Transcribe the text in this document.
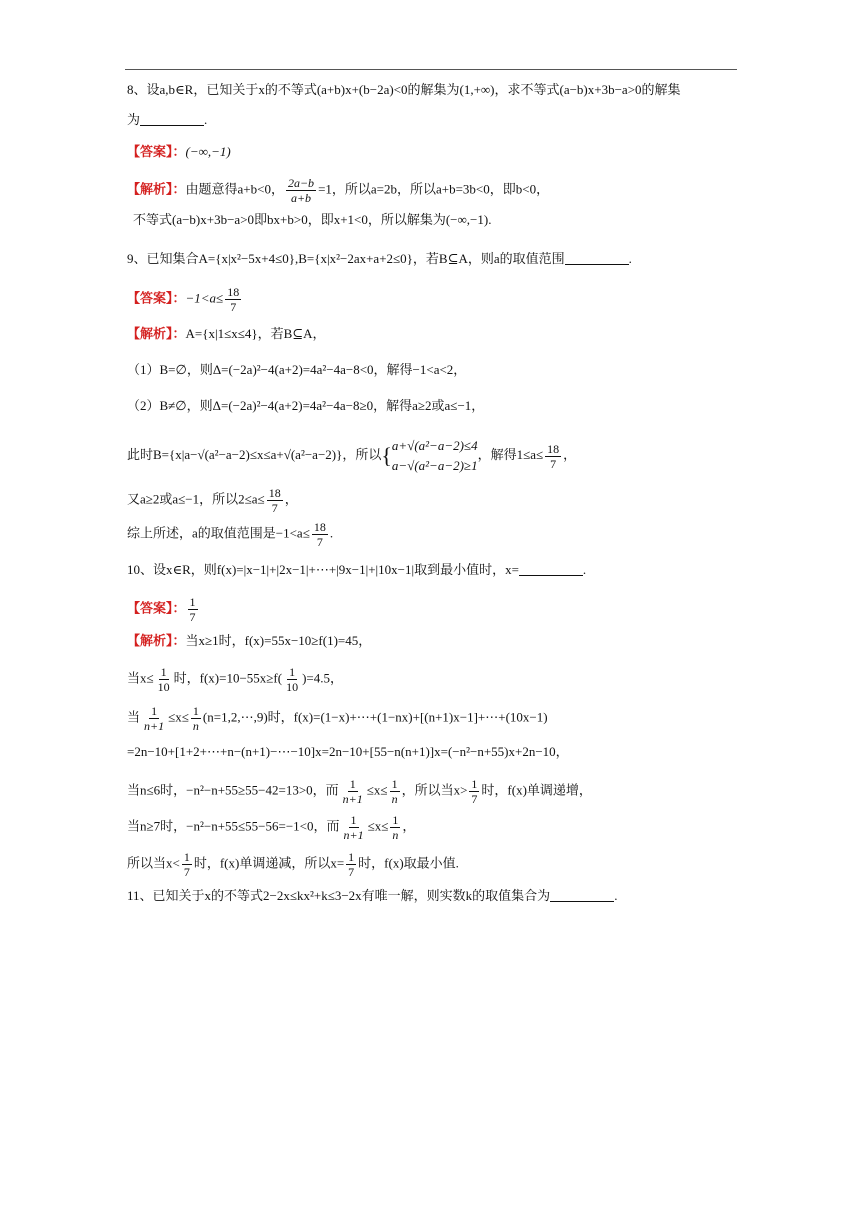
8、设a,b∈R，已知关于x的不等式(a+b)x+(b−2a)<0的解集为(1,+∞)，求不等式(a−b)x+3b−a>0的解集
为	.
【答案】：(−∞,−1)
【解析】：由题意得a+b<0， $\frac{2a-b}{a+b} =1$，所以a=2b，所以a+b=3b<0，即b<0，
不等式(a−b)x+3b−a>0即bx+b>0，即x+1<0，所以解集为(−∞,−1).
9、已知集合A={x|x²−5x+4≤0},B={x|x²−2ax+a+2≤0}，若B⊆A，则a的取值范围	.
【答案】：$-1<a\le \frac{18}{7}$
【解析】：A={x|1≤x≤4}，若B⊆A，
（1）B=∅，则Δ=(−2a)²−4(a+2)=4a²−4a−8<0，解得−1<a<2，
（2）B≠∅，则Δ=(−2a)²−4(a+2)=4a²−4a−8≥0，解得a≥2或a≤−1，
此时B={x|a−√(a²−a−2)≤x≤a+√(a²−a−2)}，所以 { a+√(a²−a−2)≤4
a−√(a²−a−2)≥1
，解得$1\le a\le \frac{18}{7}$ ，
又a≥2或a≤−1，所以$2\le a\le \frac{18}{7}$ ，
综上所述，a的取值范围是$-1<a\le \frac{18}{7}$ .
10、设x∈R，则f(x)=|x−1|+|2x−1|+⋯+|9x−1|+|10x−1|取到最小值时，x=	.
【答案】： $\frac{1}{7}$
【解析】：当x≥1时，f(x)=55x−10≥f(1)=45，
当$x\le \frac{1}{10}$ 时，$f(x)=10-55x\ge f( \frac{1}{10} )=4.5$，
当 $\frac{1}{n+1} \le x\le \frac{1}{n}$ (n=1,2,⋯,9)时，f(x)=(1−x)+⋯+(1−nx)+[(n+1)x−1]+⋯+(10x−1)
=2n−10+[1+2+⋯+n−(n+1)−⋯−10]x=2n−10+[55−n(n+1)]x=(−n²−n+55)x+2n−10，
当n≤6时，−n²−n+55≥55−42=13>0，而 $\frac{1}{n+1} \le x\le \frac{1}{n}$ ，所以当$x> \frac{1}{7}$ 时，f(x)单调递增，
当n≥7时，−n²−n+55≤55−56=−1<0，而 $\frac{1}{n+1} \le x\le \frac{1}{n}$ ，
所以当$x< \frac{1}{7}$ 时，f(x)单调递减，所以$x= \frac{1}{7}$ 时，f(x)取最小值.
11、已知关于x的不等式2−2x≤kx²+k≤3−2x有唯一解，则实数k的取值集合为	.
